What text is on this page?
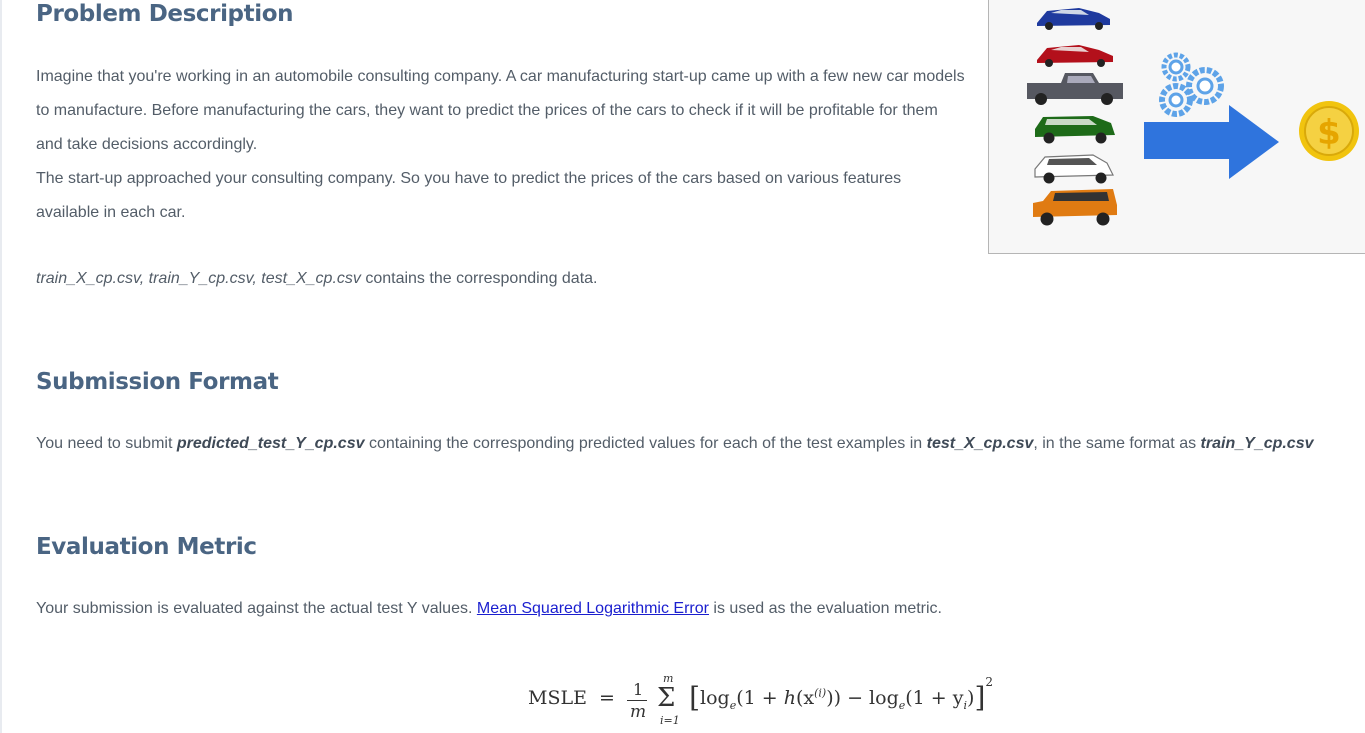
Problem Description

Imagine that you're working in an automobile consulting company. A car manufacturing start-up came up with a few new car models to manufacture. Before manufacturing the cars, they want to predict the prices of the cars to check if it will be profitable for them and take decisions accordingly.

The start-up approached your consulting company. So you have to predict the prices of the cars based on various features available in each car.

train_X_cp.csv, train_Y_cp.csv, test_X_cp.csv contains the corresponding data.

Submission Format

You need to submit predicted_test_Y_cp.csv containing the corresponding predicted values for each of the test examples in test_X_cp.csv, in the same format as train_Y_cp.csv

Evaluation Metric

Your submission is evaluated against the actual test Y values. Mean Squared Logarithmic Error is used as the evaluation metric.

$
MSLE = $\frac{1}{m}$

m
Σ
i=1
$[\log_e(1 + h(x^{(i)})) - \log_e(1 + y_i)]^2$
